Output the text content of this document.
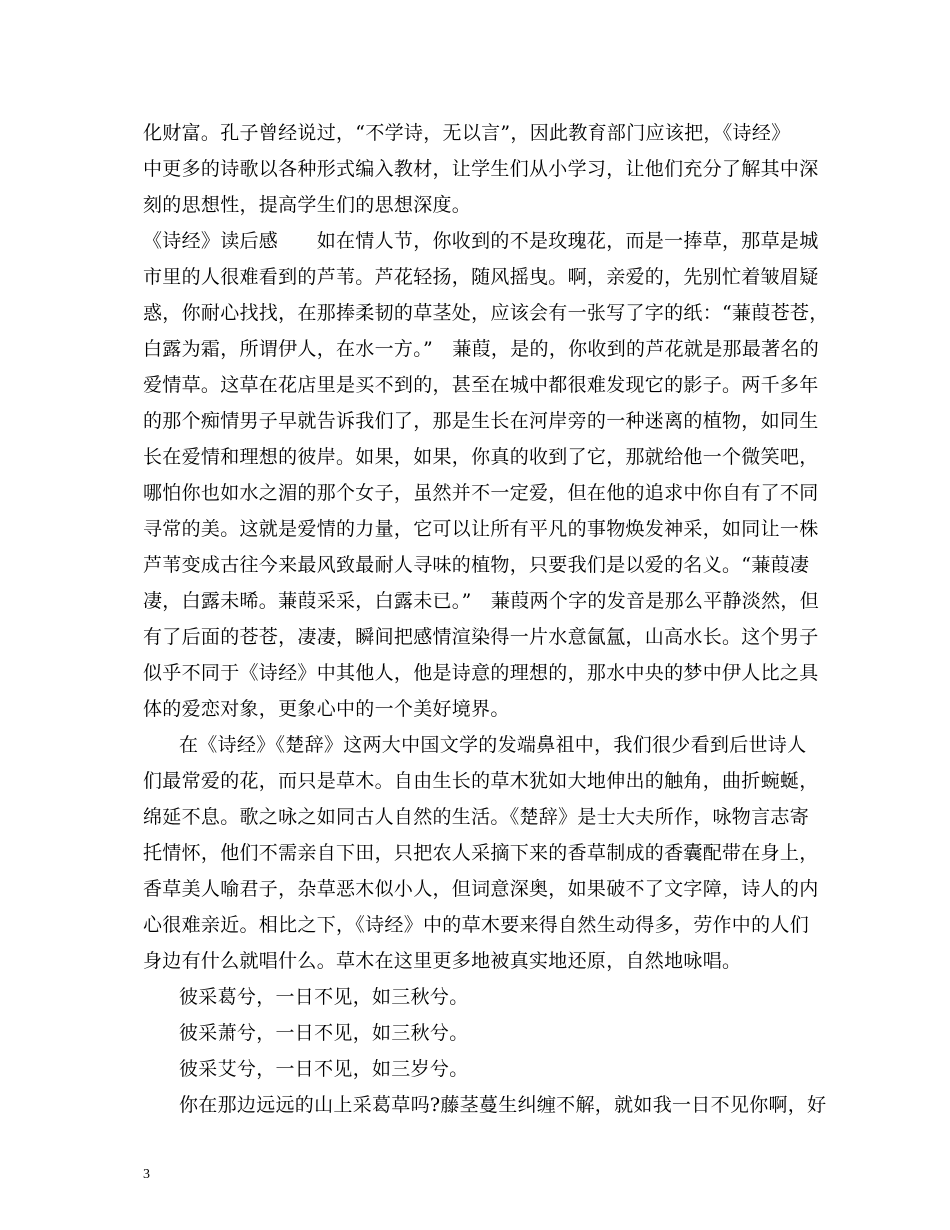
化财富。孔子曾经说过，“不学诗，无以言”，因此教育部门应该把，《诗经》
中更多的诗歌以各种形式编入教材，让学生们从小学习，让他们充分了解其中深
刻的思想性，提高学生们的思想深度。
《诗经》读后感　　如在情人节，你收到的不是玫瑰花，而是一捧草，那草是城
市里的人很难看到的芦苇。芦花轻扬，随风摇曳。啊，亲爱的，先别忙着皱眉疑
惑，你耐心找找，在那捧柔韧的草茎处，应该会有一张写了字的纸：“蒹葭苍苍，
白露为霜，所谓伊人，在水一方。”　蒹葭，是的，你收到的芦花就是那最著名的
爱情草。这草在花店里是买不到的，甚至在城中都很难发现它的影子。两千多年
的那个痴情男子早就告诉我们了，那是生长在河岸旁的一种迷离的植物，如同生
长在爱情和理想的彼岸。如果，如果，你真的收到了它，那就给他一个微笑吧，
哪怕你也如水之湄的那个女子，虽然并不一定爱，但在他的追求中你自有了不同
寻常的美。这就是爱情的力量，它可以让所有平凡的事物焕发神采，如同让一株
芦苇变成古往今来最风致最耐人寻味的植物，只要我们是以爱的名义。“蒹葭凄
凄，白露未晞。蒹葭采采，白露未已。”　蒹葭两个字的发音是那么平静淡然，但
有了后面的苍苍，凄凄，瞬间把感情渲染得一片水意氤氲，山高水长。这个男子
似乎不同于《诗经》中其他人，他是诗意的理想的，那水中央的梦中伊人比之具
体的爱恋对象，更象心中的一个美好境界。
在《诗经》《楚辞》这两大中国文学的发端鼻祖中，我们很少看到后世诗人
们最常爱的花，而只是草木。自由生长的草木犹如大地伸出的触角，曲折蜿蜒，
绵延不息。歌之咏之如同古人自然的生活。《楚辞》是士大夫所作，咏物言志寄
托情怀，他们不需亲自下田，只把农人采摘下来的香草制成的香囊配带在身上，
香草美人喻君子，杂草恶木似小人，但词意深奥，如果破不了文字障，诗人的内
心很难亲近。相比之下，《诗经》中的草木要来得自然生动得多，劳作中的人们
身边有什么就唱什么。草木在这里更多地被真实地还原，自然地咏唱。
彼采葛兮，一日不见，如三秋兮。
彼采萧兮，一日不见，如三秋兮。
彼采艾兮，一日不见，如三岁兮。
你在那边远远的山上采葛草吗?藤茎蔓生纠缠不解，就如我一日不见你啊，好
3
